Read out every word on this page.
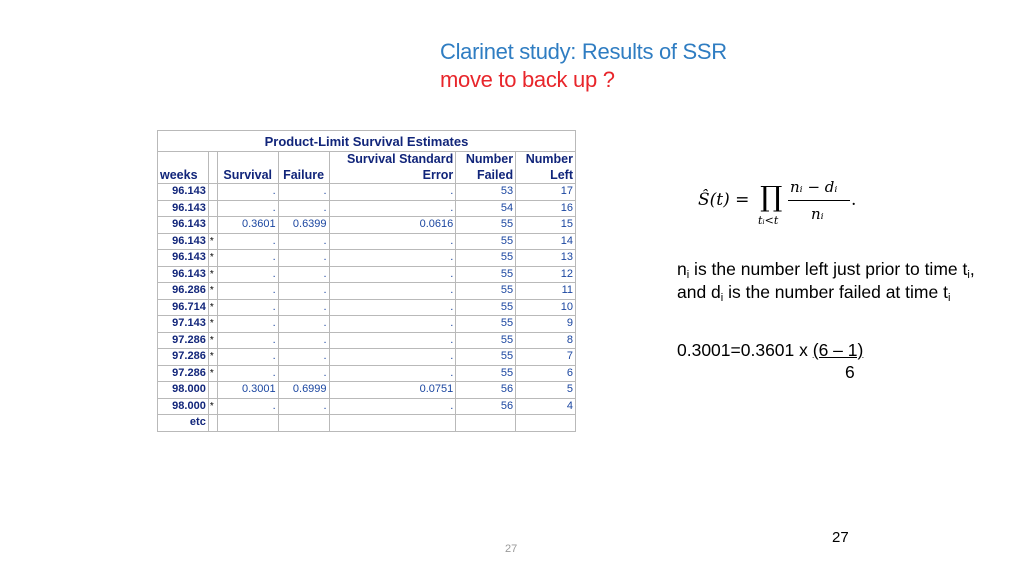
Clarinet study: Results of SSR
move to back up ?
Product-Limit Survival Estimates						
weeks		Survival	Failure	Survival Standard	Number	Number
				Error	Failed	Left
96.143		.	.	.	53	17
96.143		.	.	.	54	16
96.143		0.3601	0.6399	0.0616	55	15
96.143	*	.	.	.	55	14
96.143	*	.	.	.	55	13
96.143	*	.	.	.	55	12
96.286	*	.	.	.	55	11
96.714	*	.	.	.	55	10
97.143	*	.	.	.	55	9
97.286	*	.	.	.	55	8
97.286	*	.	.	.	55	7
97.286	*	.	.	.	55	6
98.000		0.3001	0.6999	0.0751	56	5
98.000	*	.	.	.	56	4
etc						
Ŝ(t) = ∏
tᵢ<t
nᵢ − dᵢ
nᵢ
.
$n_i$ is the number left just prior to time $t_i$, and $d_i$ is the number failed at time $t_i$
0.3001=0.3601 x (6 – 1)
6
27
27
